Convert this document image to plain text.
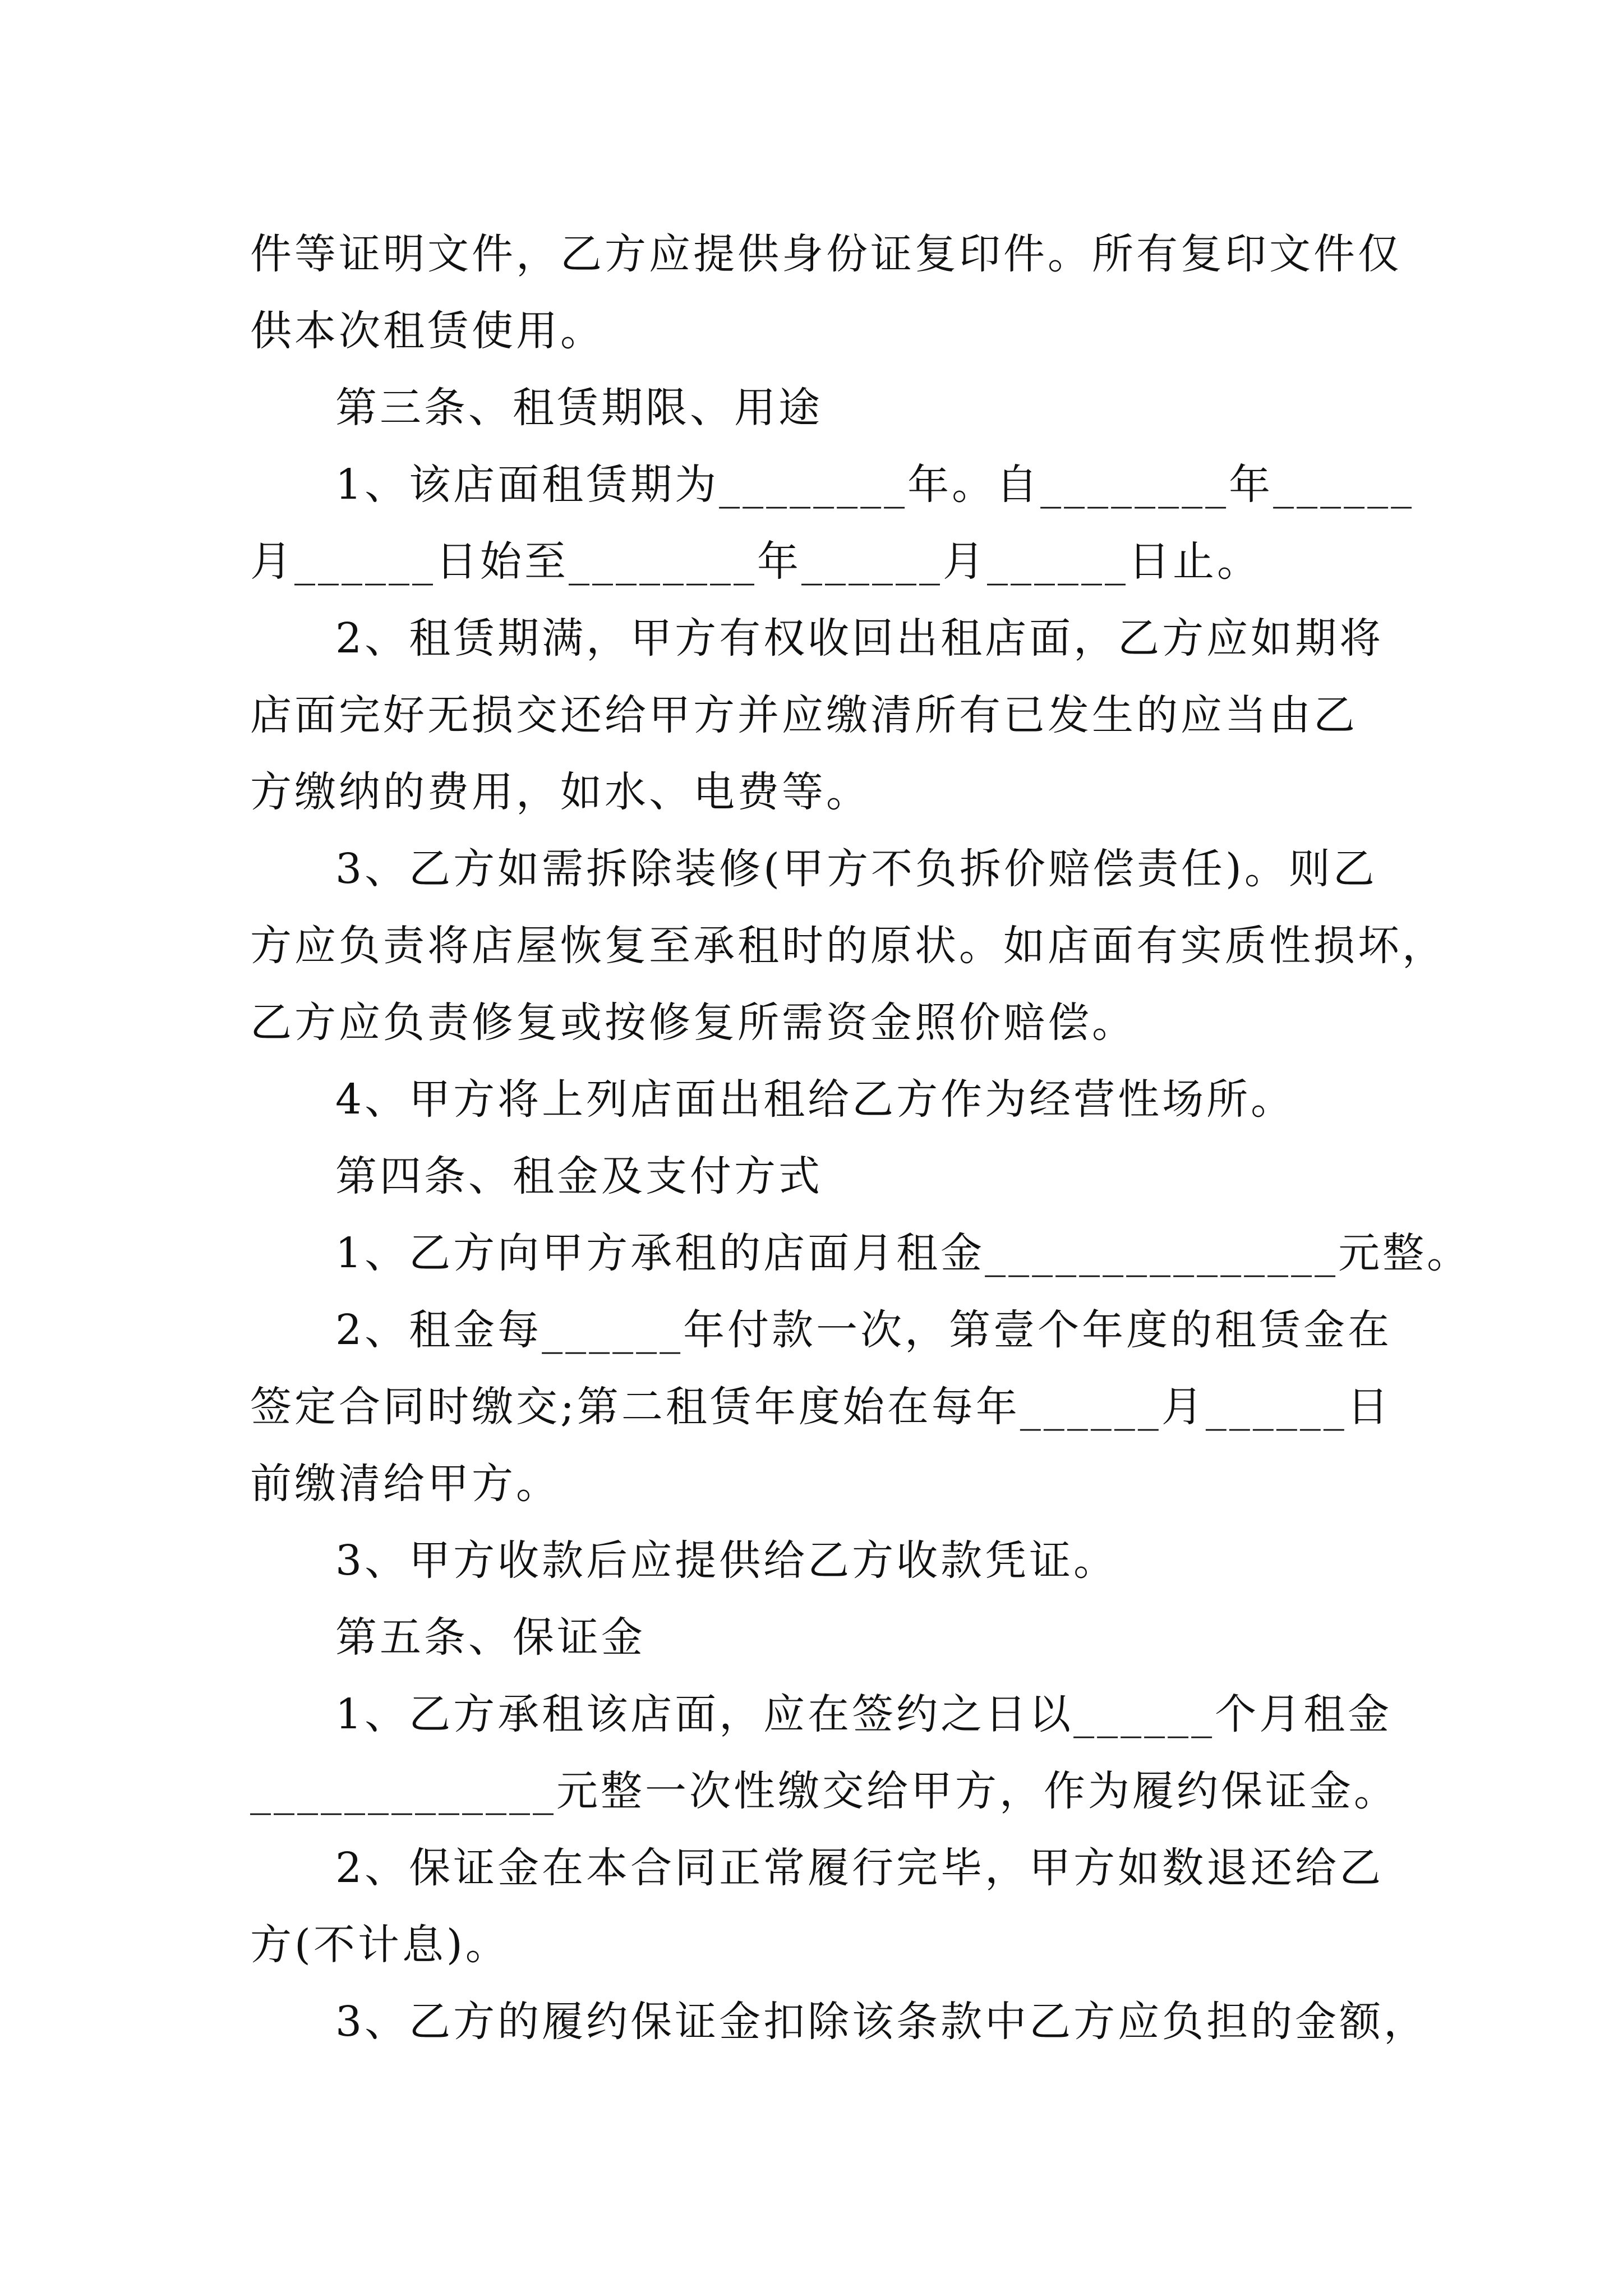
件等证明文件，乙方应提供身份证复印件。所有复印文件仅
供本次租赁使用。
第三条、租赁期限、用途
1、该店面租赁期为________年。自________年______
月______日始至________年______月______日止。
2、租赁期满，甲方有权收回出租店面，乙方应如期将
店面完好无损交还给甲方并应缴清所有已发生的应当由乙
方缴纳的费用，如水、电费等。
3、乙方如需拆除装修(甲方不负拆价赔偿责任)。则乙
方应负责将店屋恢复至承租时的原状。如店面有实质性损坏，
乙方应负责修复或按修复所需资金照价赔偿。
4、甲方将上列店面出租给乙方作为经营性场所。
第四条、租金及支付方式
1、乙方向甲方承租的店面月租金_______________元整。
2、租金每______年付款一次，第壹个年度的租赁金在
签定合同时缴交;第二租赁年度始在每年______月______日
前缴清给甲方。
3、甲方收款后应提供给乙方收款凭证。
第五条、保证金
1、乙方承租该店面，应在签约之日以______个月租金
_____________元整一次性缴交给甲方，作为履约保证金。
2、保证金在本合同正常履行完毕，甲方如数退还给乙
方(不计息)。
3、乙方的履约保证金扣除该条款中乙方应负担的金额，
